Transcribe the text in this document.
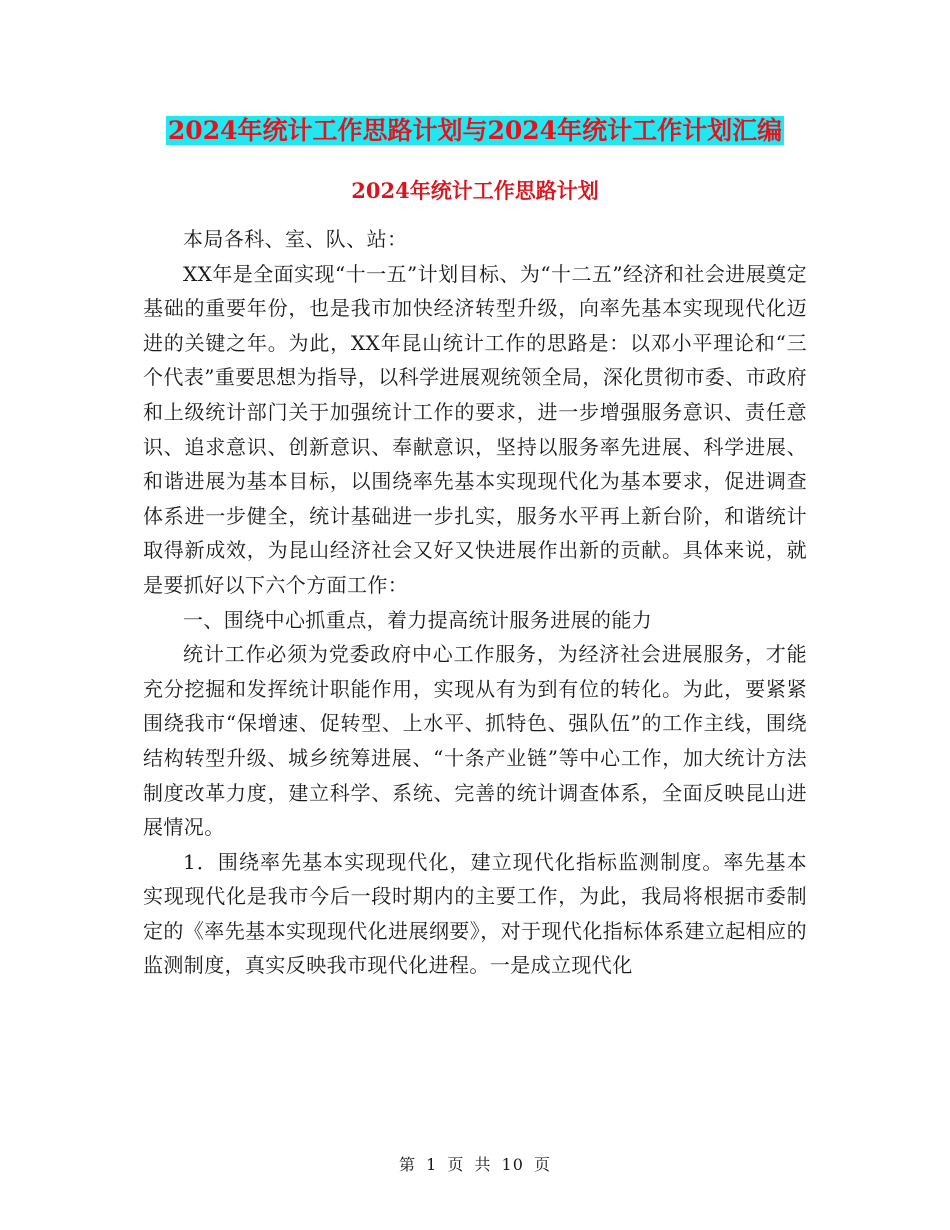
2024年统计工作思路计划与2024年统计工作计划汇编
2024年统计工作思路计划

本局各科、室、队、站：

XX年是全面实现“十一五”计划目标、为“十二五”经济和社会进展奠定基础的重要年份，也是我市加快经济转型升级，向率先基本实现现代化迈进的关键之年。为此，XX年昆山统计工作的思路是：以邓小平理论和“三个代表”重要思想为指导，以科学进展观统领全局，深化贯彻市委、市政府和上级统计部门关于加强统计工作的要求，进一步增强服务意识、责任意识、追求意识、创新意识、奉献意识，坚持以服务率先进展、科学进展、和谐进展为基本目标，以围绕率先基本实现现代化为基本要求，促进调查体系进一步健全，统计基础进一步扎实，服务水平再上新台阶，和谐统计取得新成效，为昆山经济社会又好又快进展作出新的贡献。具体来说，就是要抓好以下六个方面工作：

一、围绕中心抓重点，着力提高统计服务进展的能力

统计工作必须为党委政府中心工作服务，为经济社会进展服务，才能充分挖掘和发挥统计职能作用，实现从有为到有位的转化。为此，要紧紧围绕我市“保增速、促转型、上水平、抓特色、强队伍”的工作主线，围绕结构转型升级、城乡统筹进展、“十条产业链”等中心工作，加大统计方法制度改革力度，建立科学、系统、完善的统计调查体系，全面反映昆山进展情况。

1．围绕率先基本实现现代化，建立现代化指标监测制度。率先基本实现现代化是我市今后一段时期内的主要工作，为此，我局将根据市委制定的《率先基本实现现代化进展纲要》，对于现代化指标体系建立起相应的监测制度，真实反映我市现代化进程。一是成立现代化

第 1 页 共 10 页
